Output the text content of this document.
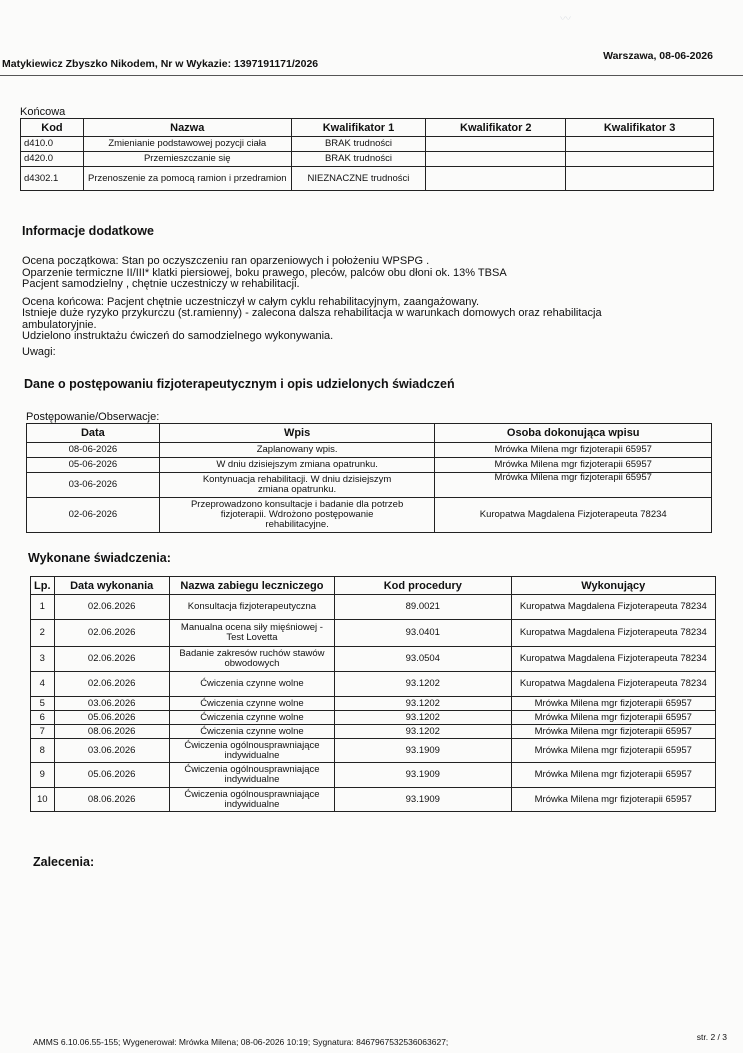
〰
Matykiewicz Zbyszko Nikodem, Nr w Wykazie: 1397191171/2026
Warszawa, 08-06-2026
Końcowa
Kod	Nazwa	Kwalifikator 1	Kwalifikator 2	Kwalifikator 3
d410.0	Zmienianie podstawowej pozycji ciała	BRAK trudności		
d420.0	Przemieszczanie się	BRAK trudności		
d4302.1	Przenoszenie za pomocą ramion i przedramion	NIEZNACZNE trudności		
Informacje dodatkowe

Ocena początkowa: Stan po oczyszczeniu ran oparzeniowych i położeniu WPSPG .

Oparzenie termiczne II/III* klatki piersiowej, boku prawego, pleców, palców obu dłoni ok. 13% TBSA

Pacjent samodzielny , chętnie uczestniczy w rehabilitacji.

Ocena końcowa: Pacjent chętnie uczestniczył w całym cyklu rehabilitacyjnym, zaangażowany.

Istnieje duże ryzyko przykurczu (st.ramienny) - zalecona dalsza rehabilitacja w warunkach domowych oraz rehabilitacja

ambulatoryjnie.

Udzielono instruktażu ćwiczeń do samodzielnego wykonywania.

Uwagi:

Dane o postępowaniu fizjoterapeutycznym i opis udzielonych świadczeń
Postępowanie/Obserwacje:
Data	Wpis	Osoba dokonująca wpisu
08-06-2026	Zaplanowany wpis.	Mrówka Milena mgr fizjoterapii 65957
05-06-2026	W dniu dzisiejszym zmiana opatrunku.	Mrówka Milena mgr fizjoterapii 65957
03-06-2026	Kontynuacja rehabilitacji. W dniu dzisiejszym zmiana opatrunku.	Mrówka Milena mgr fizjoterapii 65957
02-06-2026	Przeprowadzono konsultacje i badanie dla potrzeb fizjoterapii. Wdrożono postępowanie rehabilitacyjne.	Kuropatwa Magdalena Fizjoterapeuta 78234
Wykonane świadczenia:
Lp.	Data wykonania	Nazwa zabiegu leczniczego	Kod procedury	Wykonujący
1	02.06.2026	Konsultacja fizjoterapeutyczna	89.0021	Kuropatwa Magdalena Fizjoterapeuta 78234
2	02.06.2026	Manualna ocena siły mięśniowej - Test Lovetta	93.0401	Kuropatwa Magdalena Fizjoterapeuta 78234
3	02.06.2026	Badanie zakresów ruchów stawów obwodowych	93.0504	Kuropatwa Magdalena Fizjoterapeuta 78234
4	02.06.2026	Ćwiczenia czynne wolne	93.1202	Kuropatwa Magdalena Fizjoterapeuta 78234
5	03.06.2026	Ćwiczenia czynne wolne	93.1202	Mrówka Milena mgr fizjoterapii 65957
6	05.06.2026	Ćwiczenia czynne wolne	93.1202	Mrówka Milena mgr fizjoterapii 65957
7	08.06.2026	Ćwiczenia czynne wolne	93.1202	Mrówka Milena mgr fizjoterapii 65957
8	03.06.2026	Ćwiczenia ogólnousprawniające indywidualne	93.1909	Mrówka Milena mgr fizjoterapii 65957
9	05.06.2026	Ćwiczenia ogólnousprawniające indywidualne	93.1909	Mrówka Milena mgr fizjoterapii 65957
10	08.06.2026	Ćwiczenia ogólnousprawniające indywidualne	93.1909	Mrówka Milena mgr fizjoterapii 65957
Zalecenia:
AMMS 6.10.06.55-155; Wygenerował: Mrówka Milena; 08-06-2026 10:19; Sygnatura: 8467967532536063627;	str. 2 / 3
